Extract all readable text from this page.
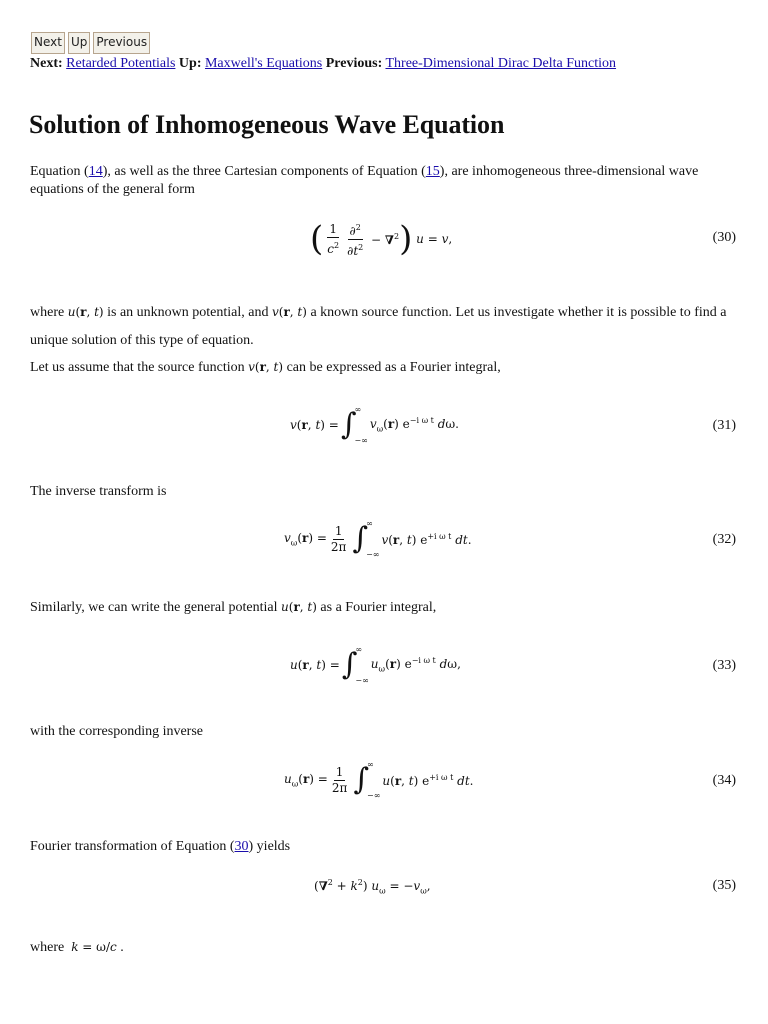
Next Up Previous
Next: Retarded Potentials Up: Maxwell's Equations Previous: Three-Dimensional Dirac Delta Function
Solution of Inhomogeneous Wave Equation
Equation (14), as well as the three Cartesian components of Equation (15), are inhomogeneous three-dimensional wave equations of the general form
( 1
$c^2$
∂$^2$
$\partial t^2$
− ∇$^2$ ) u = v,	(30)
where u(r, t) is an unknown potential, and v(r, t) a known source function. Let us investigate whether it is possible to find a unique solution of this type of equation.
Let us assume that the source function v(r, t) can be expressed as a Fourier integral,
v(r, t) = ∫
∞
−∞
$v_\omega(r)$ $e^{-i \omega t}$ dω.	(31)
The inverse transform is
$v_\omega(r) = \frac{1}{2\pi}$ ∫
∞
−∞
v(r, t) $e^{+i \omega t}$ dt.	(32)
Similarly, we can write the general potential u(r, t) as a Fourier integral,
u(r, t) = ∫
∞
−∞
$u_\omega(r)$ $e^{-i \omega t}$ dω,	(33)
with the corresponding inverse
$u_\omega(r) = \frac{1}{2\pi}$ ∫
∞
−∞
u(r, t) $e^{+i \omega t}$ dt.	(34)
Fourier transformation of Equation (30) yields
$(\nabla^2 + k^2)$ $u_\omega = -v_\omega$,	(35)
where k = ω/c .
